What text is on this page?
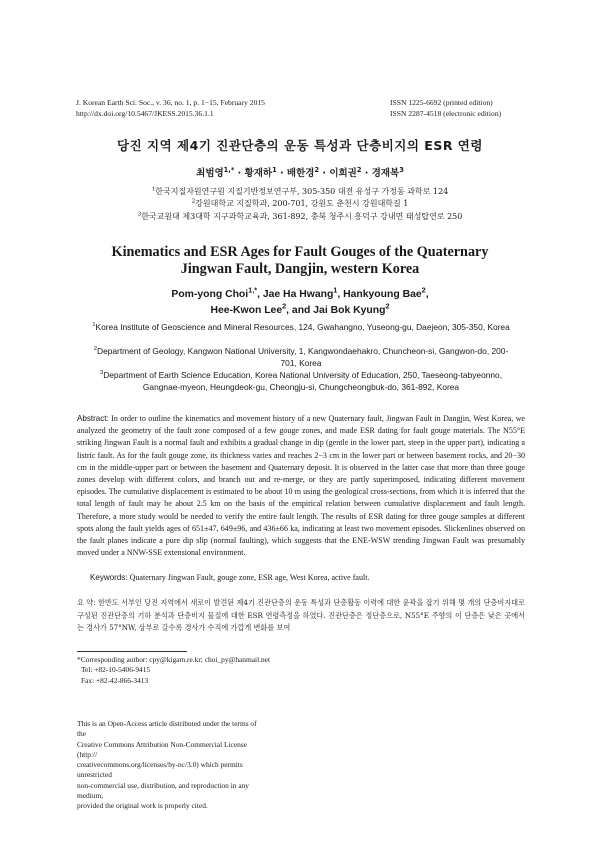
J. Korean Earth Sci. Soc., v. 36, no. 1, p. 1−15, February 2015
http://dx.doi.org/10.5467/JKESS.2015.36.1.1
ISSN 1225-6692 (printed edition)
ISSN 2287-4518 (electronic edition)
당진 지역 제4기 진관단층의 운동 특성과 단층비지의 ESR 연령
최범영$^{1,*}$ · 황재하$^1$ · 배한경$^2$ · 이희권$^2$ · 경재복$^3$
$^1$한국지질자원연구원 지질기반정보연구부, 305-350 대전 유성구 가정동 과학로 124
$^2$강원대학교 지질학과, 200-701, 강원도 춘천시 강원대학길 1
$^3$한국교원대 제3대학 지구과학교육과, 361-892, 충북 청주시 흥덕구 강내면 태성탑연로 250
Kinematics and ESR Ages for Fault Gouges of the Quaternary
Jingwan Fault, Dangjin, western Korea
Pom-yong Choi$^{1,*}$, Jae Ha Hwang$^1$, Hankyoung Bae$^2$,
Hee-Kwon Lee$^2$, and Jai Bok Kyung$^2$
$^1$Korea Institute of Geoscience and Mineral Resources, 124, Gwahangno, Yuseong-gu, Daejeon, 305-350, Korea
$^2$Department of Geology, Kangwon National University, 1, Kangwondaehakro, Chuncheon-si, Gangwon-do, 200-701, Korea
$^3$Department of Earth Science Education, Korea National University of Education, 250, Taeseong-tabyeonno, Gangnae-myeon, Heungdeok-gu, Cheongju-si, Chungcheongbuk-do, 361-892, Korea
Abstract: In order to outline the kinematics and movement history of a new Quaternary fault, Jingwan Fault in Dangjin, West Korea, we analyzed the geometry of the fault zone composed of a few gouge zones, and made ESR dating for fault gouge materials. The N55°E striking Jingwan Fault is a normal fault and exhibits a gradual change in dip (gentle in the lower part, steep in the upper part), indicating a listric fault. As for the fault gouge zone, its thickness varies and reaches 2−3 cm in the lower part or between basement rocks, and 20−30 cm in the middle-upper part or between the basement and Quaternary deposit. It is observed in the latter case that more than three gouge zones develop with different colors, and branch out and re-merge, or they are partly superimposed, indicating different movement episodes. The cumulative displacement is estimated to be about 10 m using the geological cross-sections, from which it is inferred that the total length of fault may be about 2.5 km on the basis of the empirical relation between cumulative displacement and fault length. Therefore, a more study would be needed to verify the entire fault length. The results of ESR dating for three gouge samples at different spots along the fault yields ages of 651±47, 649±96, and 436±66 ka, indicating at least two movement episodes. Slickenlines observed on the fault planes indicate a pure dip slip (normal faulting), which suggests that the ENE-WSW trending Jingwan Fault was presumably moved under a NNW-SSE extensional environment.
Keywords: Quaternary Jingwan Fault, gouge zone, ESR age, West Korea, active fault.
요 약: 한반도 서부인 당진 지역에서 새로이 발견된 제4기 진관단층의 운동 특성과 단층활동 이력에 대한 윤곽을 잡기 위해 몇 개의 단층비지대로 구성된 진관단층의 기하 분석과 단층비지 물질에 대한 ESR 연령측정을 하였다. 진관단층은 정단층으로, N55°E 주향의 이 단층은 낮은 곳에서는 경사가 57°NW, 상부로 갈수록 경사가 수직에 가깝게 변화를 보여
*Corresponding author: cpy@kigam.re.kr; choi_py@hanmail.net
Tel: +82-10-5406-9415
Fax: +82-42-866-3413
This is an Open-Access article distributed under the terms of the
Creative Commons Attribution Non-Commercial License (http://
creativecommons.org/licenses/by-nc/3.0) which permits unrestricted
non-commercial use, distribution, and reproduction in any medium,
provided the original work is properly cited.
